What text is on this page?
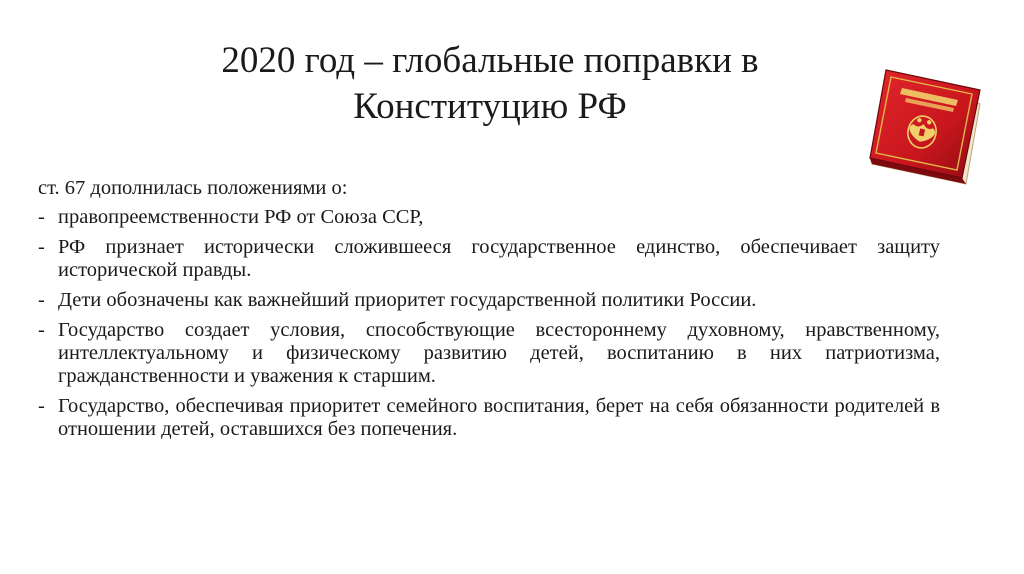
2020 год – глобальные поправки в
Конституцию РФ

ст. 67 дополнилась положениями о:

- правопреемственности РФ от Союза ССР,
- РФ признает исторически сложившееся государственное единство, обеспечивает защиту исторической правды.
- Дети обозначены как важнейший приоритет государственной политики России.
- Государство создает условия, способствующие всестороннему духовному, нравственному, интеллектуальному и физическому развитию детей, воспитанию в них патриотизма, гражданственности и уважения к старшим.
- Государство, обеспечивая приоритет семейного воспитания, берет на себя обязанности родителей в отношении детей, оставшихся без попечения.
